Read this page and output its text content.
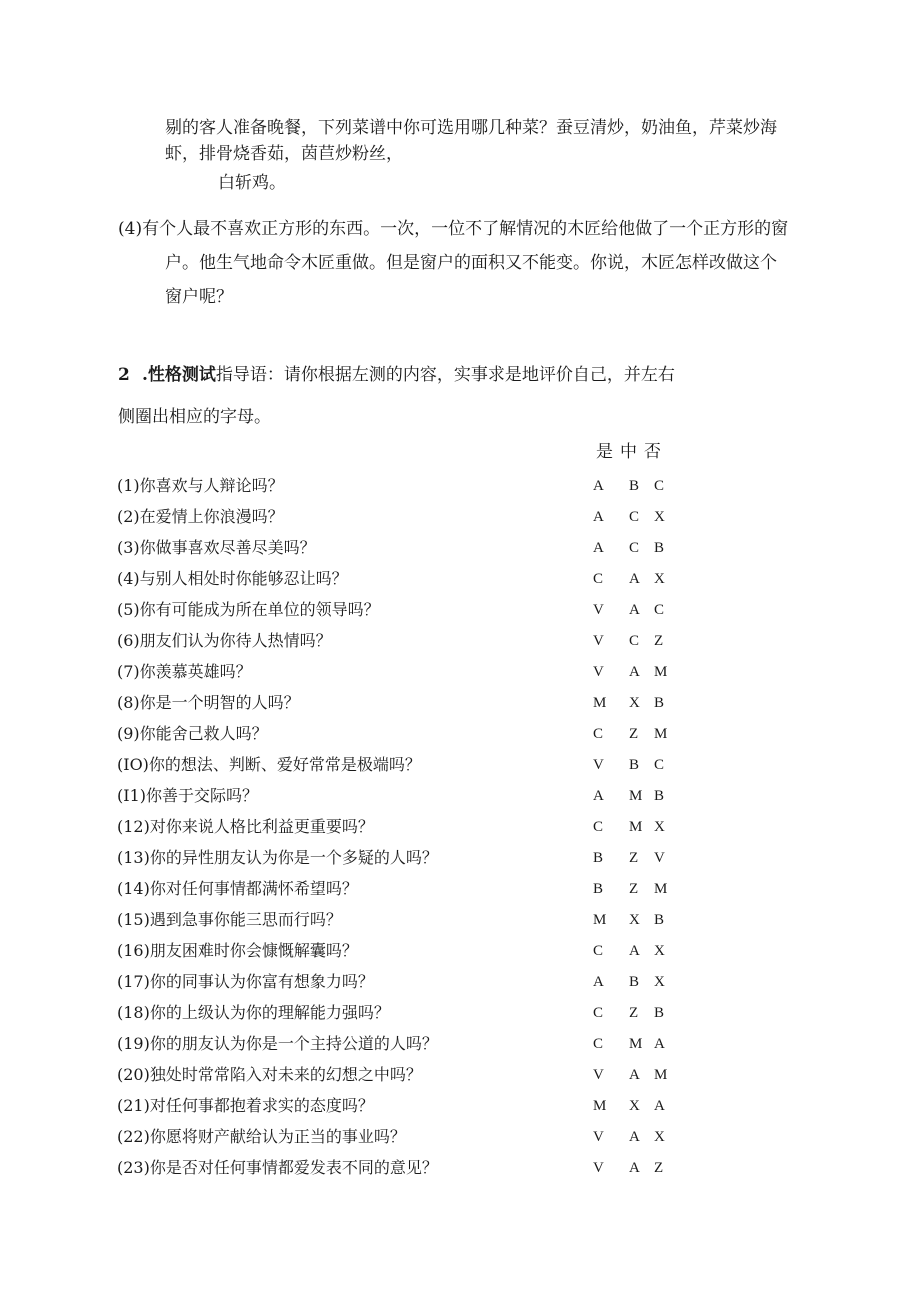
剔的客人准备晚餐，下列菜谱中你可选用哪几种菜？蚕豆清炒，奶油鱼，芹菜炒海
虾，排骨烧香茹，茵苣炒粉丝，
白斩鸡。
(4)有个人最不喜欢正方形的东西。一次，一位不了解情况的木匠给他做了一个正方形的窗
户。他生气地命令木匠重做。但是窗户的面积又不能变。你说，木匠怎样改做这个
窗户呢？
2 .性格测试指导语：请你根据左测的内容，实事求是地评价自己，并左右
侧圈出相应的字母。
是 中 否
(1)你喜欢与人辩论吗？	A B C
(2)在爱情上你浪漫吗？	A C X
(3)你做事喜欢尽善尽美吗？	A C B
(4)与别人相处时你能够忍让吗？	C A X
(5)你有可能成为所在单位的领导吗？	V A C
(6)朋友们认为你待人热情吗？	V C Z
(7)你羡慕英雄吗？	V A M
(8)你是一个明智的人吗？	M X B
(9)你能舍己救人吗？	C Z M
(IO)你的想法、判断、爱好常常是极端吗？	V B C
(I1)你善于交际吗？	A M B
(12)对你来说人格比利益更重要吗？	C M X
(13)你的异性朋友认为你是一个多疑的人吗？	B Z V
(14)你对任何事情都满怀希望吗？	B Z M
(15)遇到急事你能三思而行吗？	M X B
(16)朋友困难时你会慷慨解囊吗？	C A X
(17)你的同事认为你富有想象力吗？	A B X
(18)你的上级认为你的理解能力强吗？	C Z B
(19)你的朋友认为你是一个主持公道的人吗？	C M A
(20)独处时常常陷入对未来的幻想之中吗？	V A M
(21)对任何事都抱着求实的态度吗？	M X A
(22)你愿将财产献给认为正当的事业吗？	V A X
(23)你是否对任何事情都爱发表不同的意见？	V A Z
